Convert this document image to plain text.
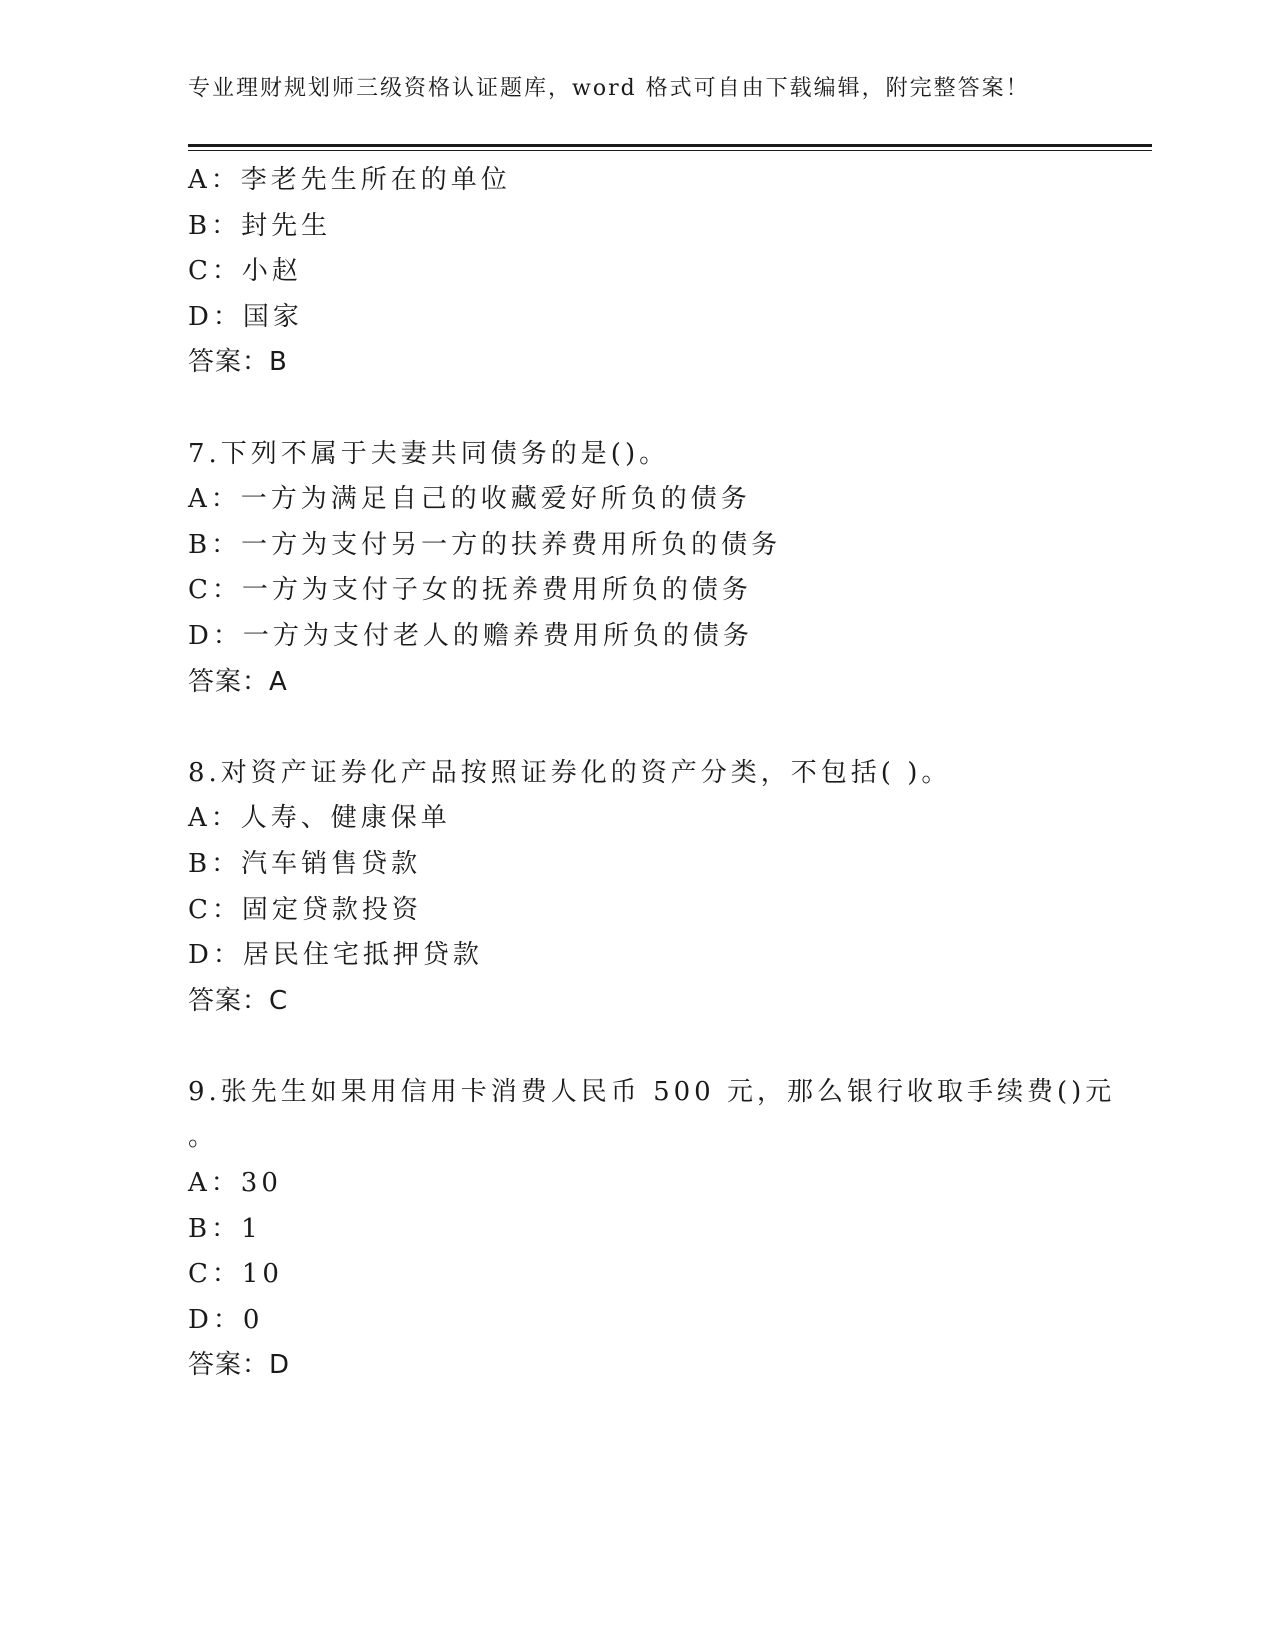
专业理财规划师三级资格认证题库，word 格式可自由下载编辑，附完整答案！
A：李老先生所在的单位
B：封先生
C：小赵
D：国家
答案：B
7.下列不属于夫妻共同债务的是()。
A：一方为满足自己的收藏爱好所负的债务
B：一方为支付另一方的扶养费用所负的债务
C：一方为支付子女的抚养费用所负的债务
D：一方为支付老人的赡养费用所负的债务
答案：A
8.对资产证券化产品按照证券化的资产分类，不包括( )。
A：人寿、健康保单
B：汽车销售贷款
C：固定贷款投资
D：居民住宅抵押贷款
答案：C
9.张先生如果用信用卡消费人民币 500 元，那么银行收取手续费()元
。
A：30
B：1
C：10
D：0
答案：D
